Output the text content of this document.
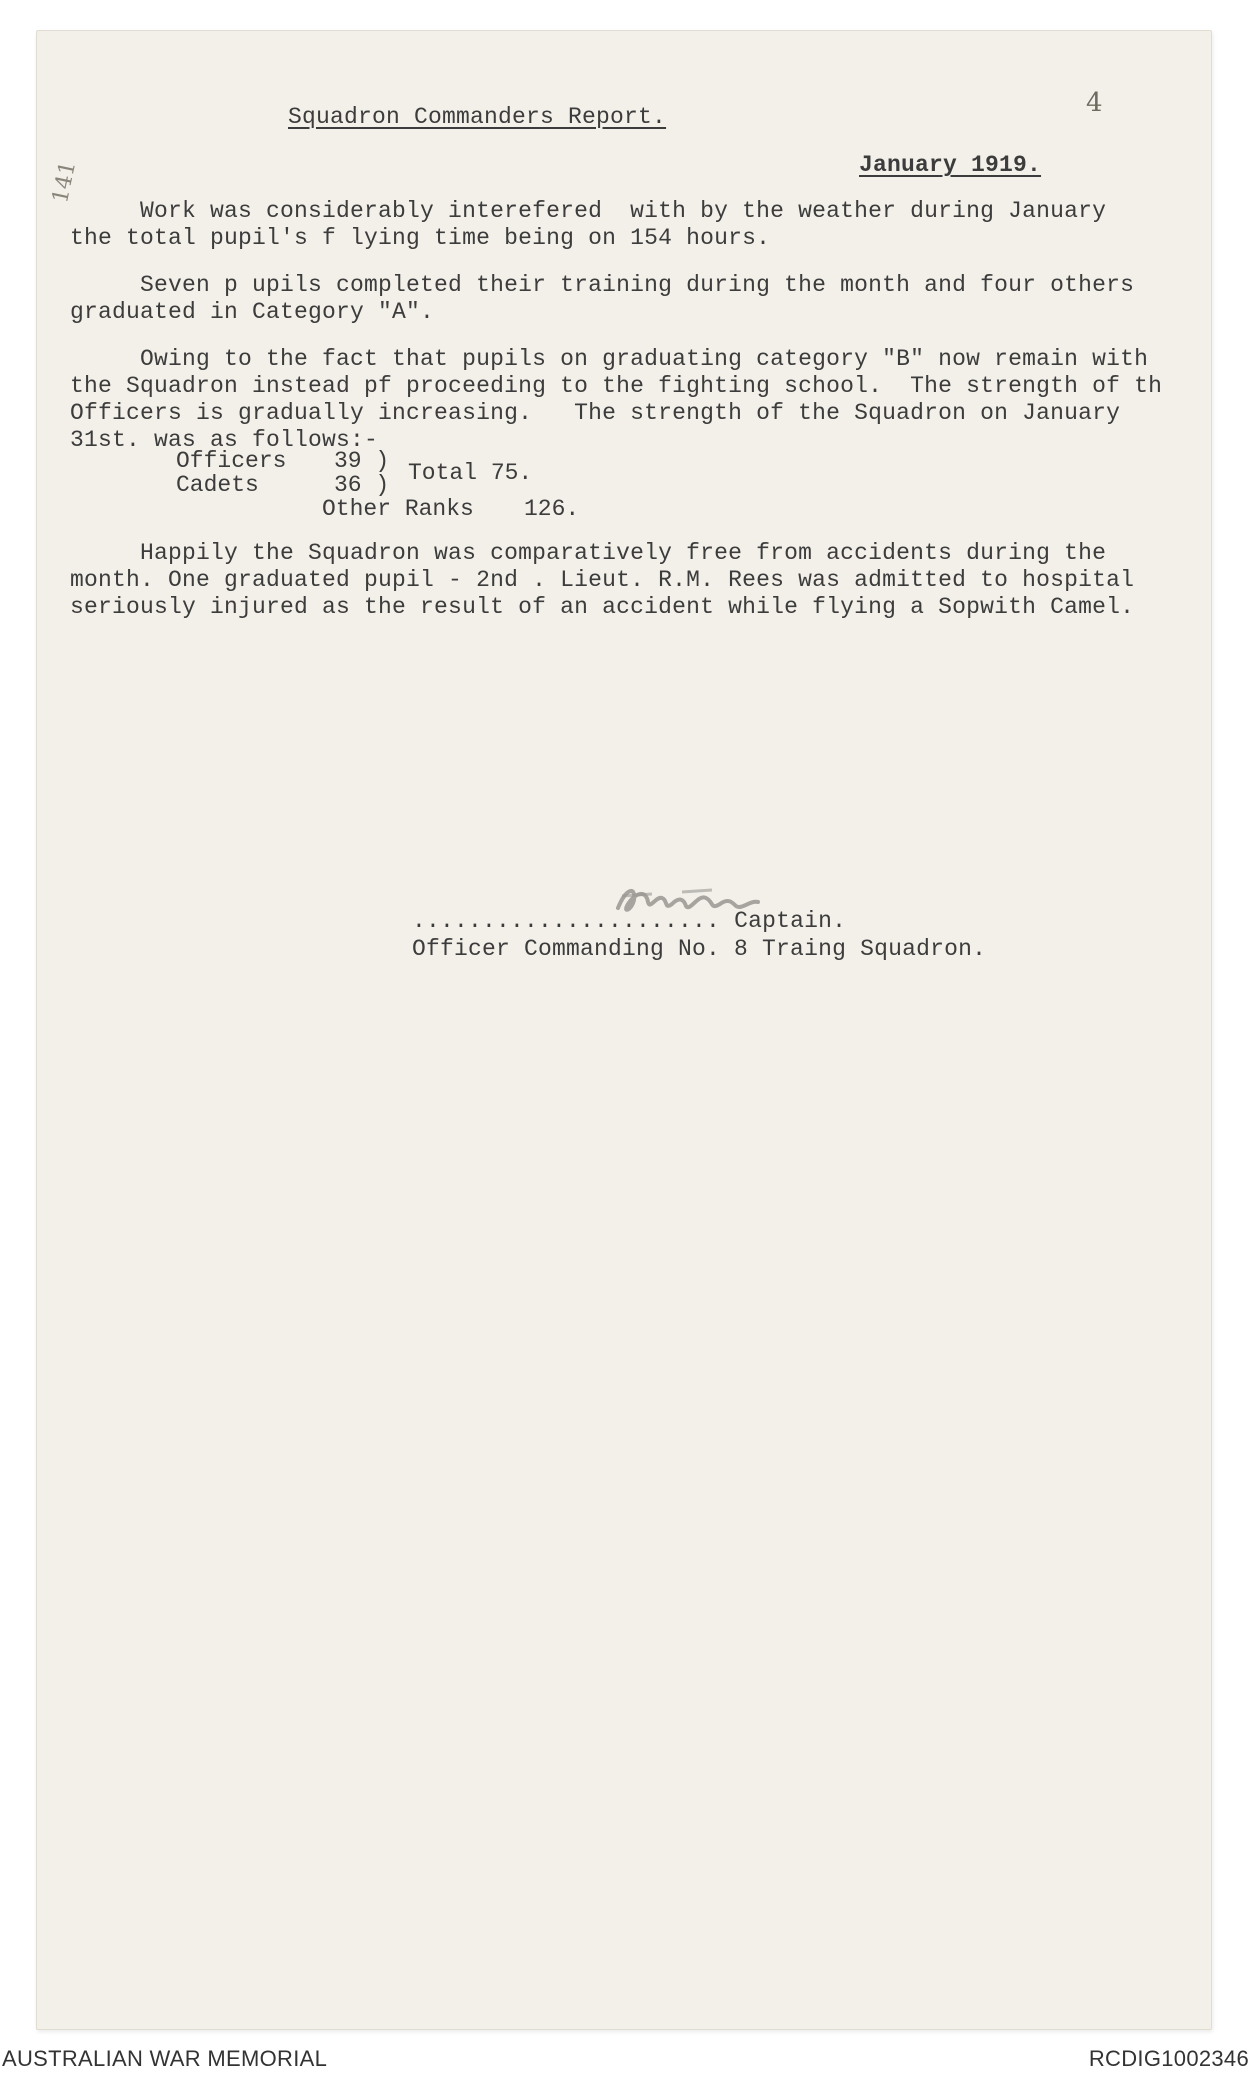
4
141
Squadron Commanders Report.
January 1919.
Work was considerably interefered  with by the weather during January
the total pupil's f lying time being on 154 hours.
Seven p upils completed their training during the month and four others
graduated in Category "A".
Owing to the fact that pupils on graduating category "B" now remain with
the Squadron instead pf proceeding to the fighting school.  The strength of th
Officers is gradually increasing.   The strength of the Squadron on January
31st. was as follows:-
Officers 39 )
Cadets	36 ) Total 75.
Other Ranks 126.
Happily the Squadron was comparatively free from accidents during the
month. One graduated pupil - 2nd . Lieut. R.M. Rees was admitted to hospital
seriously injured as the result of an accident while flying a Sopwith Camel.
...................... Captain.
Officer Commanding No. 8 Traing Squadron.
AUSTRALIAN WAR MEMORIAL	RCDIG1002346
